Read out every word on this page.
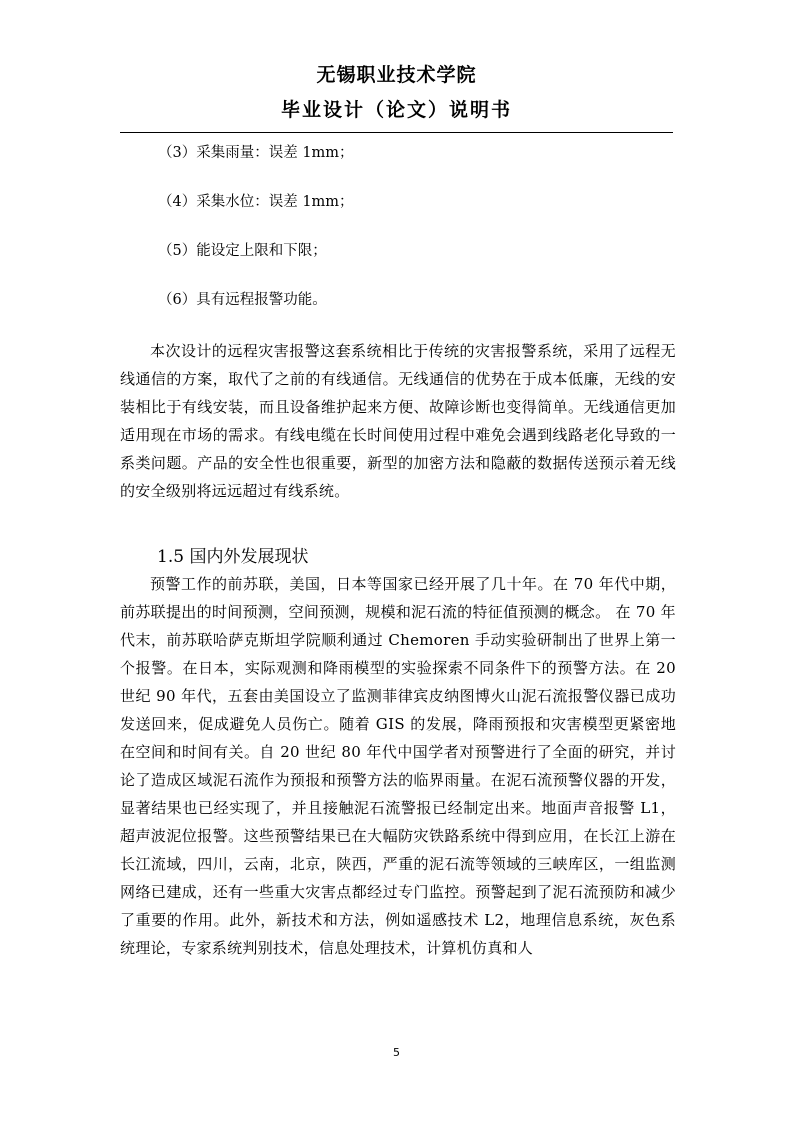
无锡职业技术学院
毕业设计（论文）说明书
（3）采集雨量：误差 1mm；
（4）采集水位：误差 1mm；
（5）能设定上限和下限；
（6）具有远程报警功能。

本次设计的远程灾害报警这套系统相比于传统的灾害报警系统，采用了远程无线通信的方案，取代了之前的有线通信。无线通信的优势在于成本低廉，无线的安装相比于有线安装，而且设备维护起来方便、故障诊断也变得简单。无线通信更加适用现在市场的需求。有线电缆在长时间使用过程中难免会遇到线路老化导致的一系类问题。产品的安全性也很重要，新型的加密方法和隐蔽的数据传送预示着无线的安全级别将远远超过有线系统。

1.5 国内外发展现状

预警工作的前苏联，美国，日本等国家已经开展了几十年。在 70 年代中期，前苏联提出的时间预测，空间预测，规模和泥石流的特征值预测的概念。 在 70 年代末，前苏联哈萨克斯坦学院顺利通过 Chemoren 手动实验研制出了世界上第一个报警。在日本，实际观测和降雨模型的实验探索不同条件下的预警方法。在 20 世纪 90 年代，五套由美国设立了监测菲律宾皮纳图博火山泥石流报警仪器已成功发送回来，促成避免人员伤亡。随着 GIS 的发展，降雨预报和灾害模型更紧密地在空间和时间有关。自 20 世纪 80 年代中国学者对预警进行了全面的研究，并讨论了造成区域泥石流作为预报和预警方法的临界雨量。在泥石流预警仪器的开发，显著结果也已经实现了，并且接触泥石流警报已经制定出来。地面声音报警 L1，超声波泥位报警。这些预警结果已在大幅防灾铁路系统中得到应用，在长江上游在长江流域，四川，云南，北京，陕西，严重的泥石流等领域的三峡库区，一组监测网络已建成，还有一些重大灾害点都经过专门监控。预警起到了泥石流预防和减少了重要的作用。此外，新技术和方法，例如遥感技术 L2，地理信息系统，灰色系统理论，专家系统判别技术，信息处理技术，计算机仿真和人

5
